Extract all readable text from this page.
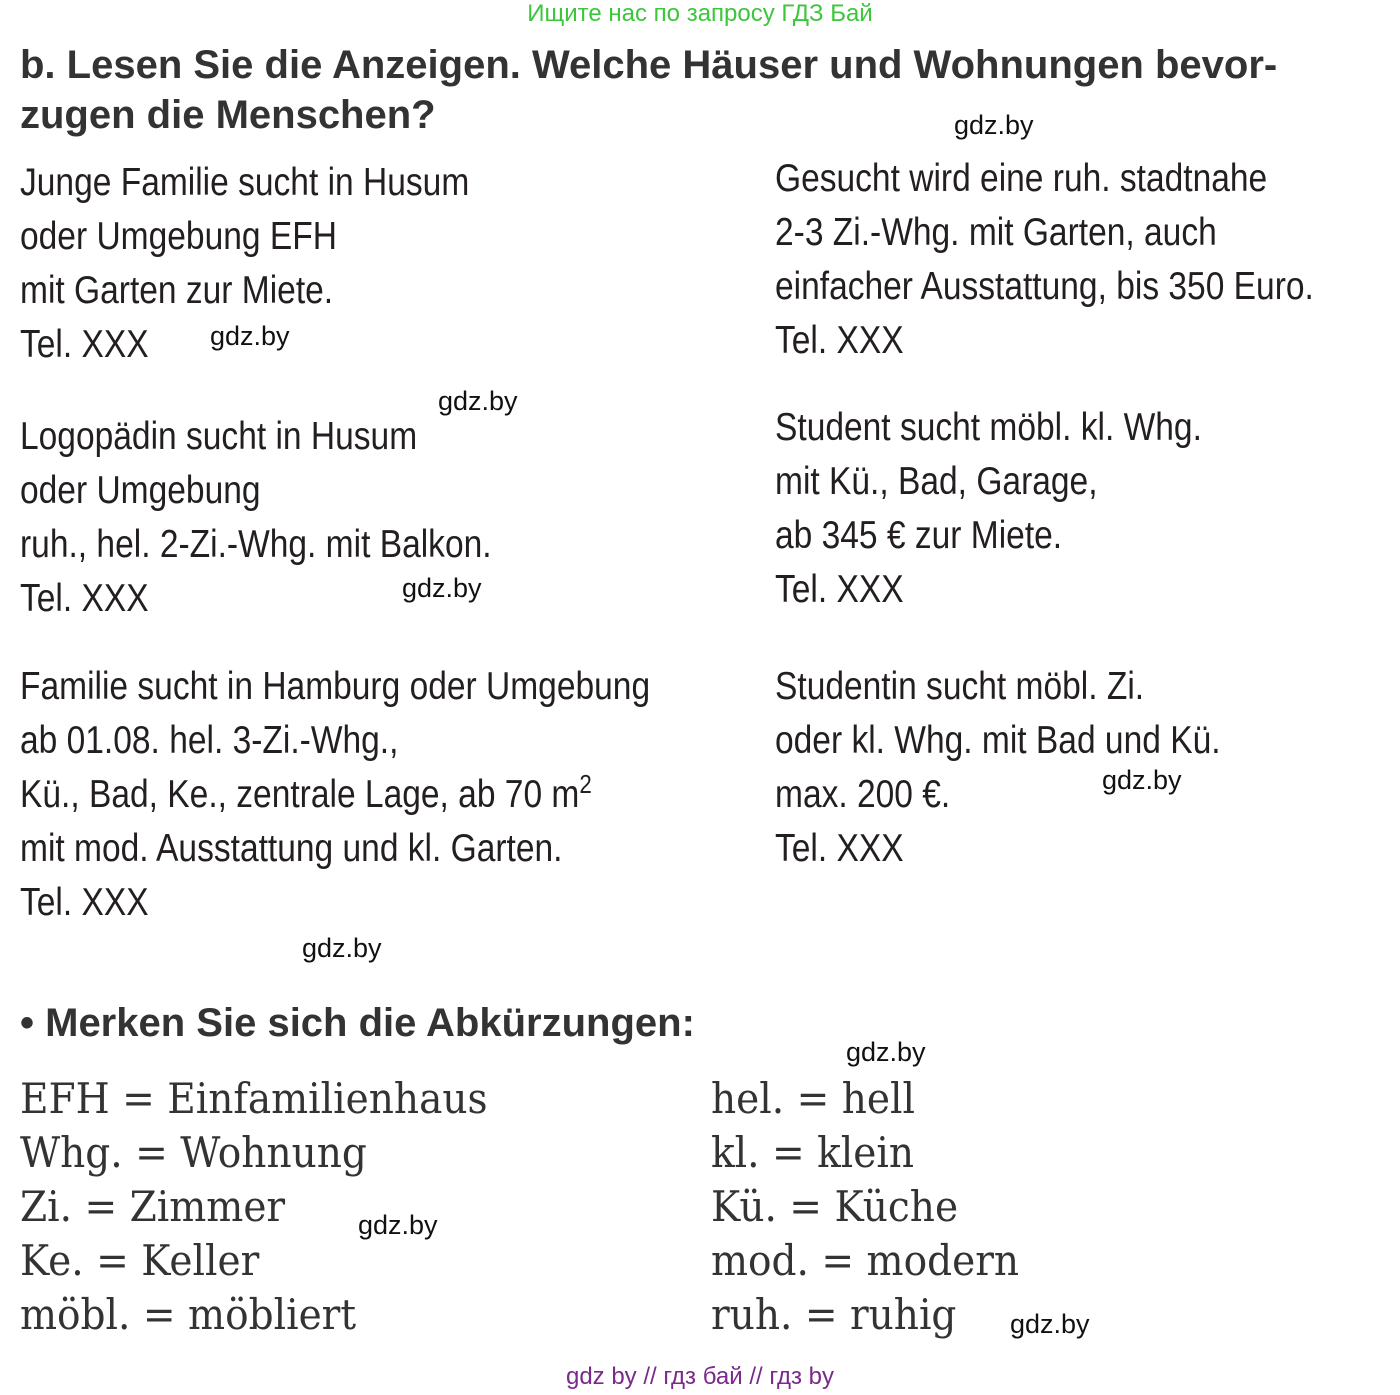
Ищите нас по запросу ГДЗ Бай
b. Lesen Sie die Anzeigen. Welche Häuser und Wohnungen bevor-
zugen die Menschen?
Junge Familie sucht in Husum
oder Umgebung EFH
mit Garten zur Miete.
Tel. XXX
Gesucht wird eine ruh. stadtnahe
2-3 Zi.-Whg. mit Garten, auch
einfacher Ausstattung, bis 350 Euro.
Tel. XXX
Logopädin sucht in Husum
oder Umgebung
ruh., hel. 2-Zi.-Whg. mit Balkon.
Tel. XXX
Student sucht möbl. kl. Whg.
mit Kü., Bad, Garage,
ab 345 € zur Miete.
Tel. XXX
Familie sucht in Hamburg oder Umgebung
ab 01.08. hel. 3-Zi.-Whg.,
Kü., Bad, Ke., zentrale Lage, ab 70 $m^2$
mit mod. Ausstattung und kl. Garten.
Tel. XXX
Studentin sucht möbl. Zi.
oder kl. Whg. mit Bad und Kü.
max. 200 €.
Tel. XXX
gdz.by
gdz.by
gdz.by
gdz.by
gdz.by
gdz.by
gdz.by
gdz.by
gdz.by
• Merken Sie sich die Abkürzungen:
EFH = Einfamilienhaus
Whg. = Wohnung
Zi. = Zimmer
Ke. = Keller
möbl. = möbliert
hel. = hell
kl. = klein
Kü. = Küche
mod. = modern
ruh. = ruhig
gdz by // гдз бай // гдз by
